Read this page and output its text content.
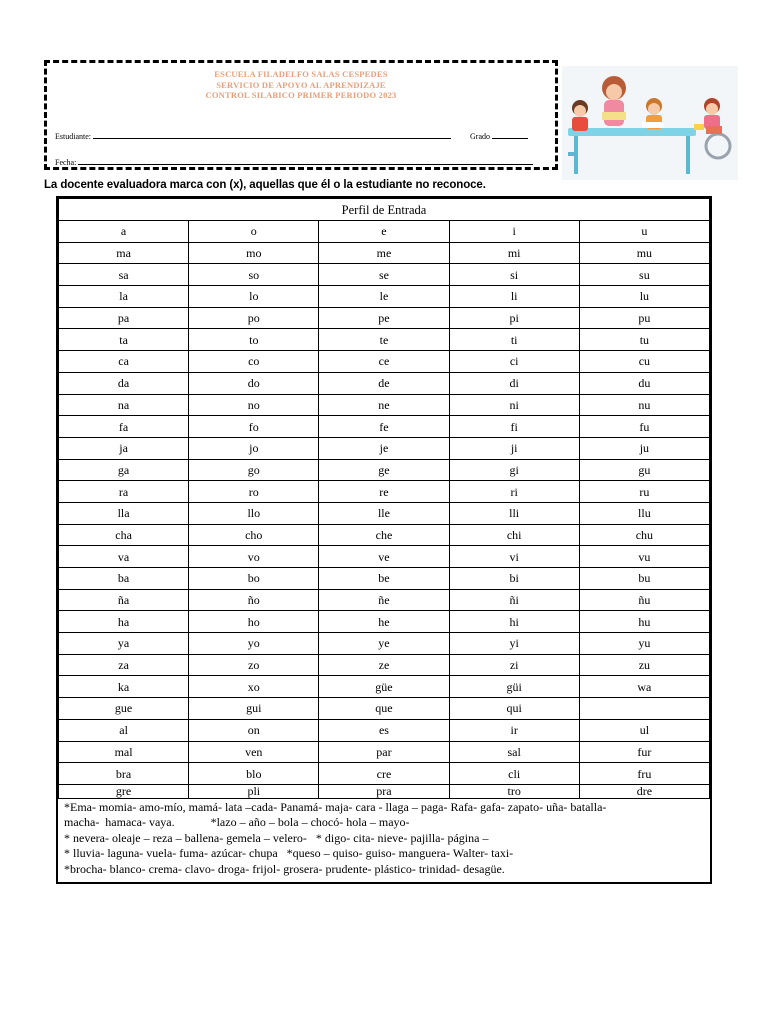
ESCUELA FILADELFO SALAS CESPEDES
SERVICIO DE APOYO AL APRENDIZAJE
CONTROL SILABICO PRIMER PERIODO 2023
Estudiante:	Grado
Fecha:
La docente evaluadora marca con (x), aquellas que él o la estudiante no reconoce.
Perfil de Entrada				
a	o	e	i	u
ma	mo	me	mi	mu
sa	so	se	si	su
la	lo	le	li	lu
pa	po	pe	pi	pu
ta	to	te	ti	tu
ca	co	ce	ci	cu
da	do	de	di	du
na	no	ne	ni	nu
fa	fo	fe	fi	fu
ja	jo	je	ji	ju
ga	go	ge	gi	gu
ra	ro	re	ri	ru
lla	llo	lle	lli	llu
cha	cho	che	chi	chu
va	vo	ve	vi	vu
ba	bo	be	bi	bu
ña	ño	ñe	ñi	ñu
ha	ho	he	hi	hu
ya	yo	ye	yi	yu
za	zo	ze	zi	zu
ka	xo	güe	güi	wa
gue	gui	que	qui	
al	on	es	ir	ul
mal	ven	par	sal	fur
bra	blo	cre	cli	fru
gre	pli	pra	tro	dre
*Ema- momia- amo-mío, mamá- lata –cada- Panamá- maja- cara - llaga – paga- Rafa- gafa- zapato- uña- batalla-
macha-  hamaca- vaya.            *lazo – año – bola – chocó- hola – mayo-
* nevera- oleaje – reza – ballena- gemela – velero-   * digo- cita- nieve- pajilla- página –
* lluvia- laguna- vuela- fuma- azúcar- chupa   *queso – quiso- guiso- manguera- Walter- taxi-
*brocha- blanco- crema- clavo- droga- frijol- grosera- prudente- plástico- trinidad- desagüe.
